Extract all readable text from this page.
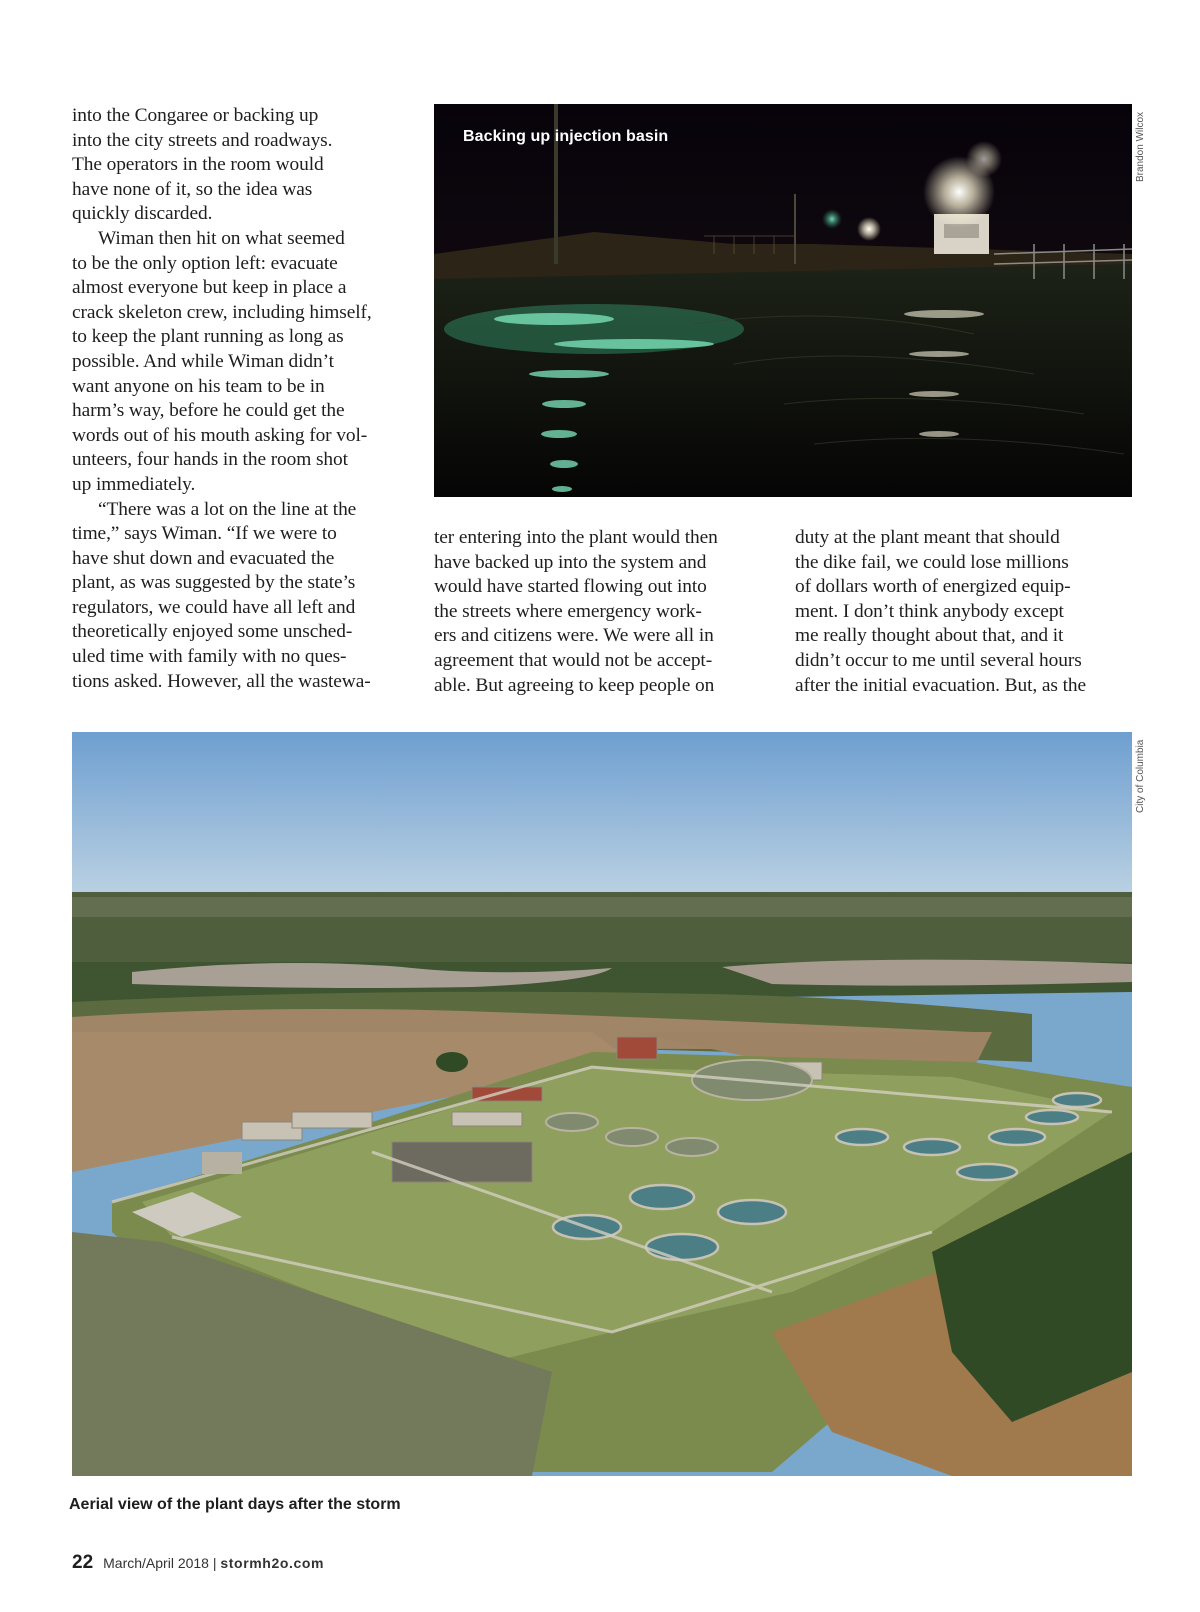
into the Congaree or backing up
into the city streets and roadways.
The operators in the room would
have none of it, so the idea was
quickly discarded.

Wiman then hit on what seemed
to be the only option left: evacuate
almost everyone but keep in place a
crack skeleton crew, including himself,
to keep the plant running as long as
possible. And while Wiman didn’t
want anyone on his team to be in
harm’s way, before he could get the
words out of his mouth asking for vol-
unteers, four hands in the room shot
up immediately.

“There was a lot on the line at the
time,” says Wiman. “If we were to
have shut down and evacuated the
plant, as was suggested by the state’s
regulators, we could have all left and
theoretically enjoyed some unsched-
uled time with family with no ques-
tions asked. However, all the wastewa-

Backing up injection basin	Brandon Wilcox

ter entering into the plant would then
have backed up into the system and
would have started flowing out into
the streets where emergency work-
ers and citizens were. We were all in
agreement that would not be accept-
able. But agreeing to keep people on

duty at the plant meant that should
the dike fail, we could lose millions
of dollars worth of energized equip-
ment. I don’t think anybody except
me really thought about that, and it
didn’t occur to me until several hours
after the initial evacuation. But, as the

City of Columbia
Aerial view of the plant days after the storm
22 March/April 2018 | stormh2o.com
